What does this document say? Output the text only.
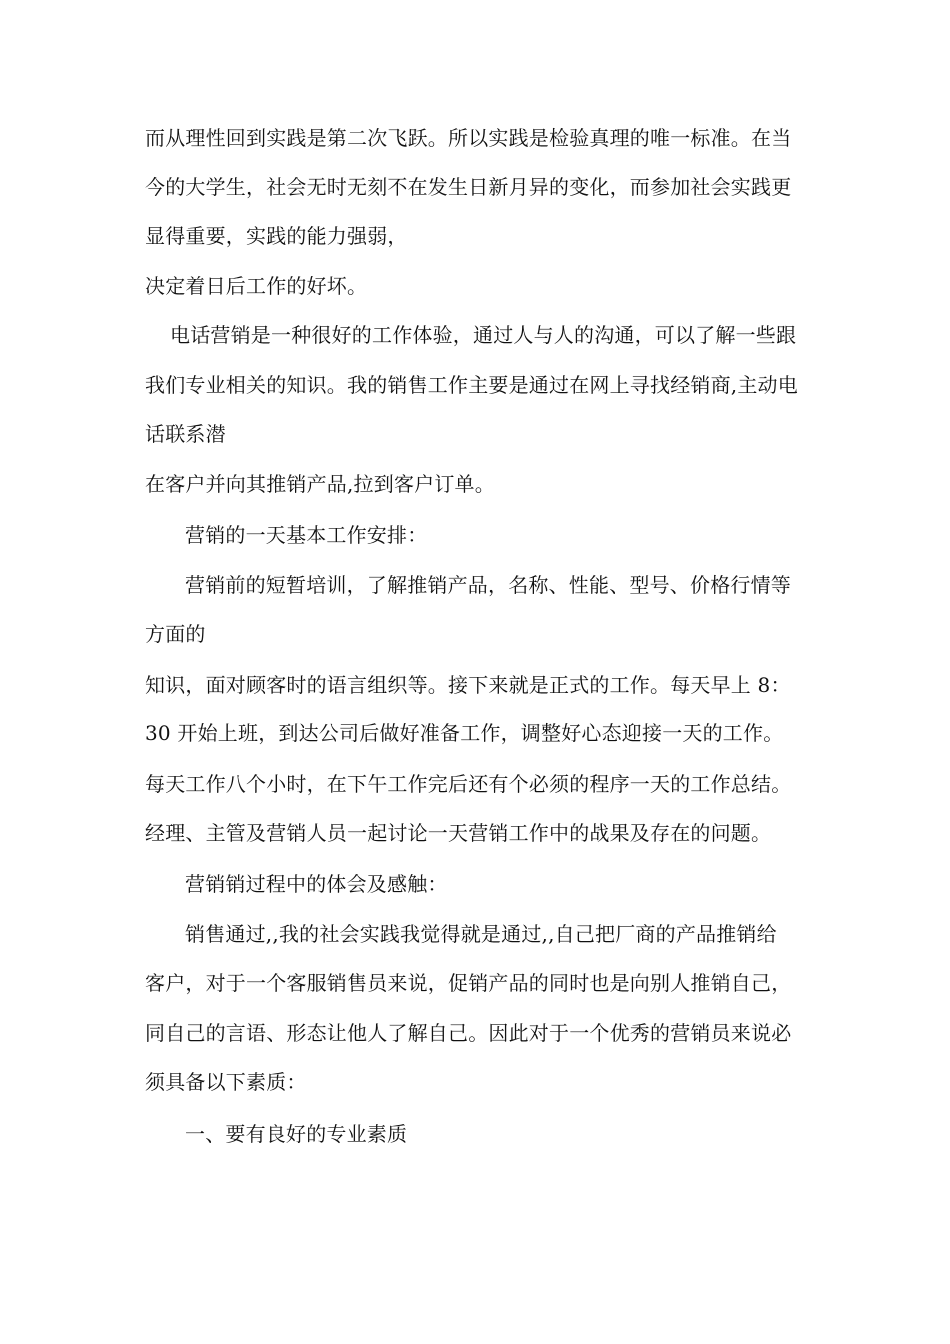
而从理性回到实践是第二次飞跃。所以实践是检验真理的唯一标准。在当
今的大学生，社会无时无刻不在发生日新月异的变化，而参加社会实践更
显得重要，实践的能力强弱，
决定着日后工作的好坏。
电话营销是一种很好的工作体验，通过人与人的沟通，可以了解一些跟
我们专业相关的知识。我的销售工作主要是通过在网上寻找经销商,主动电
话联系潜
在客户并向其推销产品,拉到客户订单。
营销的一天基本工作安排：
营销前的短暂培训，了解推销产品，名称、性能、型号、价格行情等
方面的
知识，面对顾客时的语言组织等。接下来就是正式的工作。每天早上 8：
30 开始上班，到达公司后做好准备工作，调整好心态迎接一天的工作。
每天工作八个小时，在下午工作完后还有个必须的程序一天的工作总结。
经理、主管及营销人员一起讨论一天营销工作中的战果及存在的问题。
营销销过程中的体会及感触：
销售通过,,我的社会实践我觉得就是通过,,自己把厂商的产品推销给
客户，对于一个客服销售员来说，促销产品的同时也是向别人推销自己，
同自己的言语、形态让他人了解自己。因此对于一个优秀的营销员来说必
须具备以下素质：
一、要有良好的专业素质
